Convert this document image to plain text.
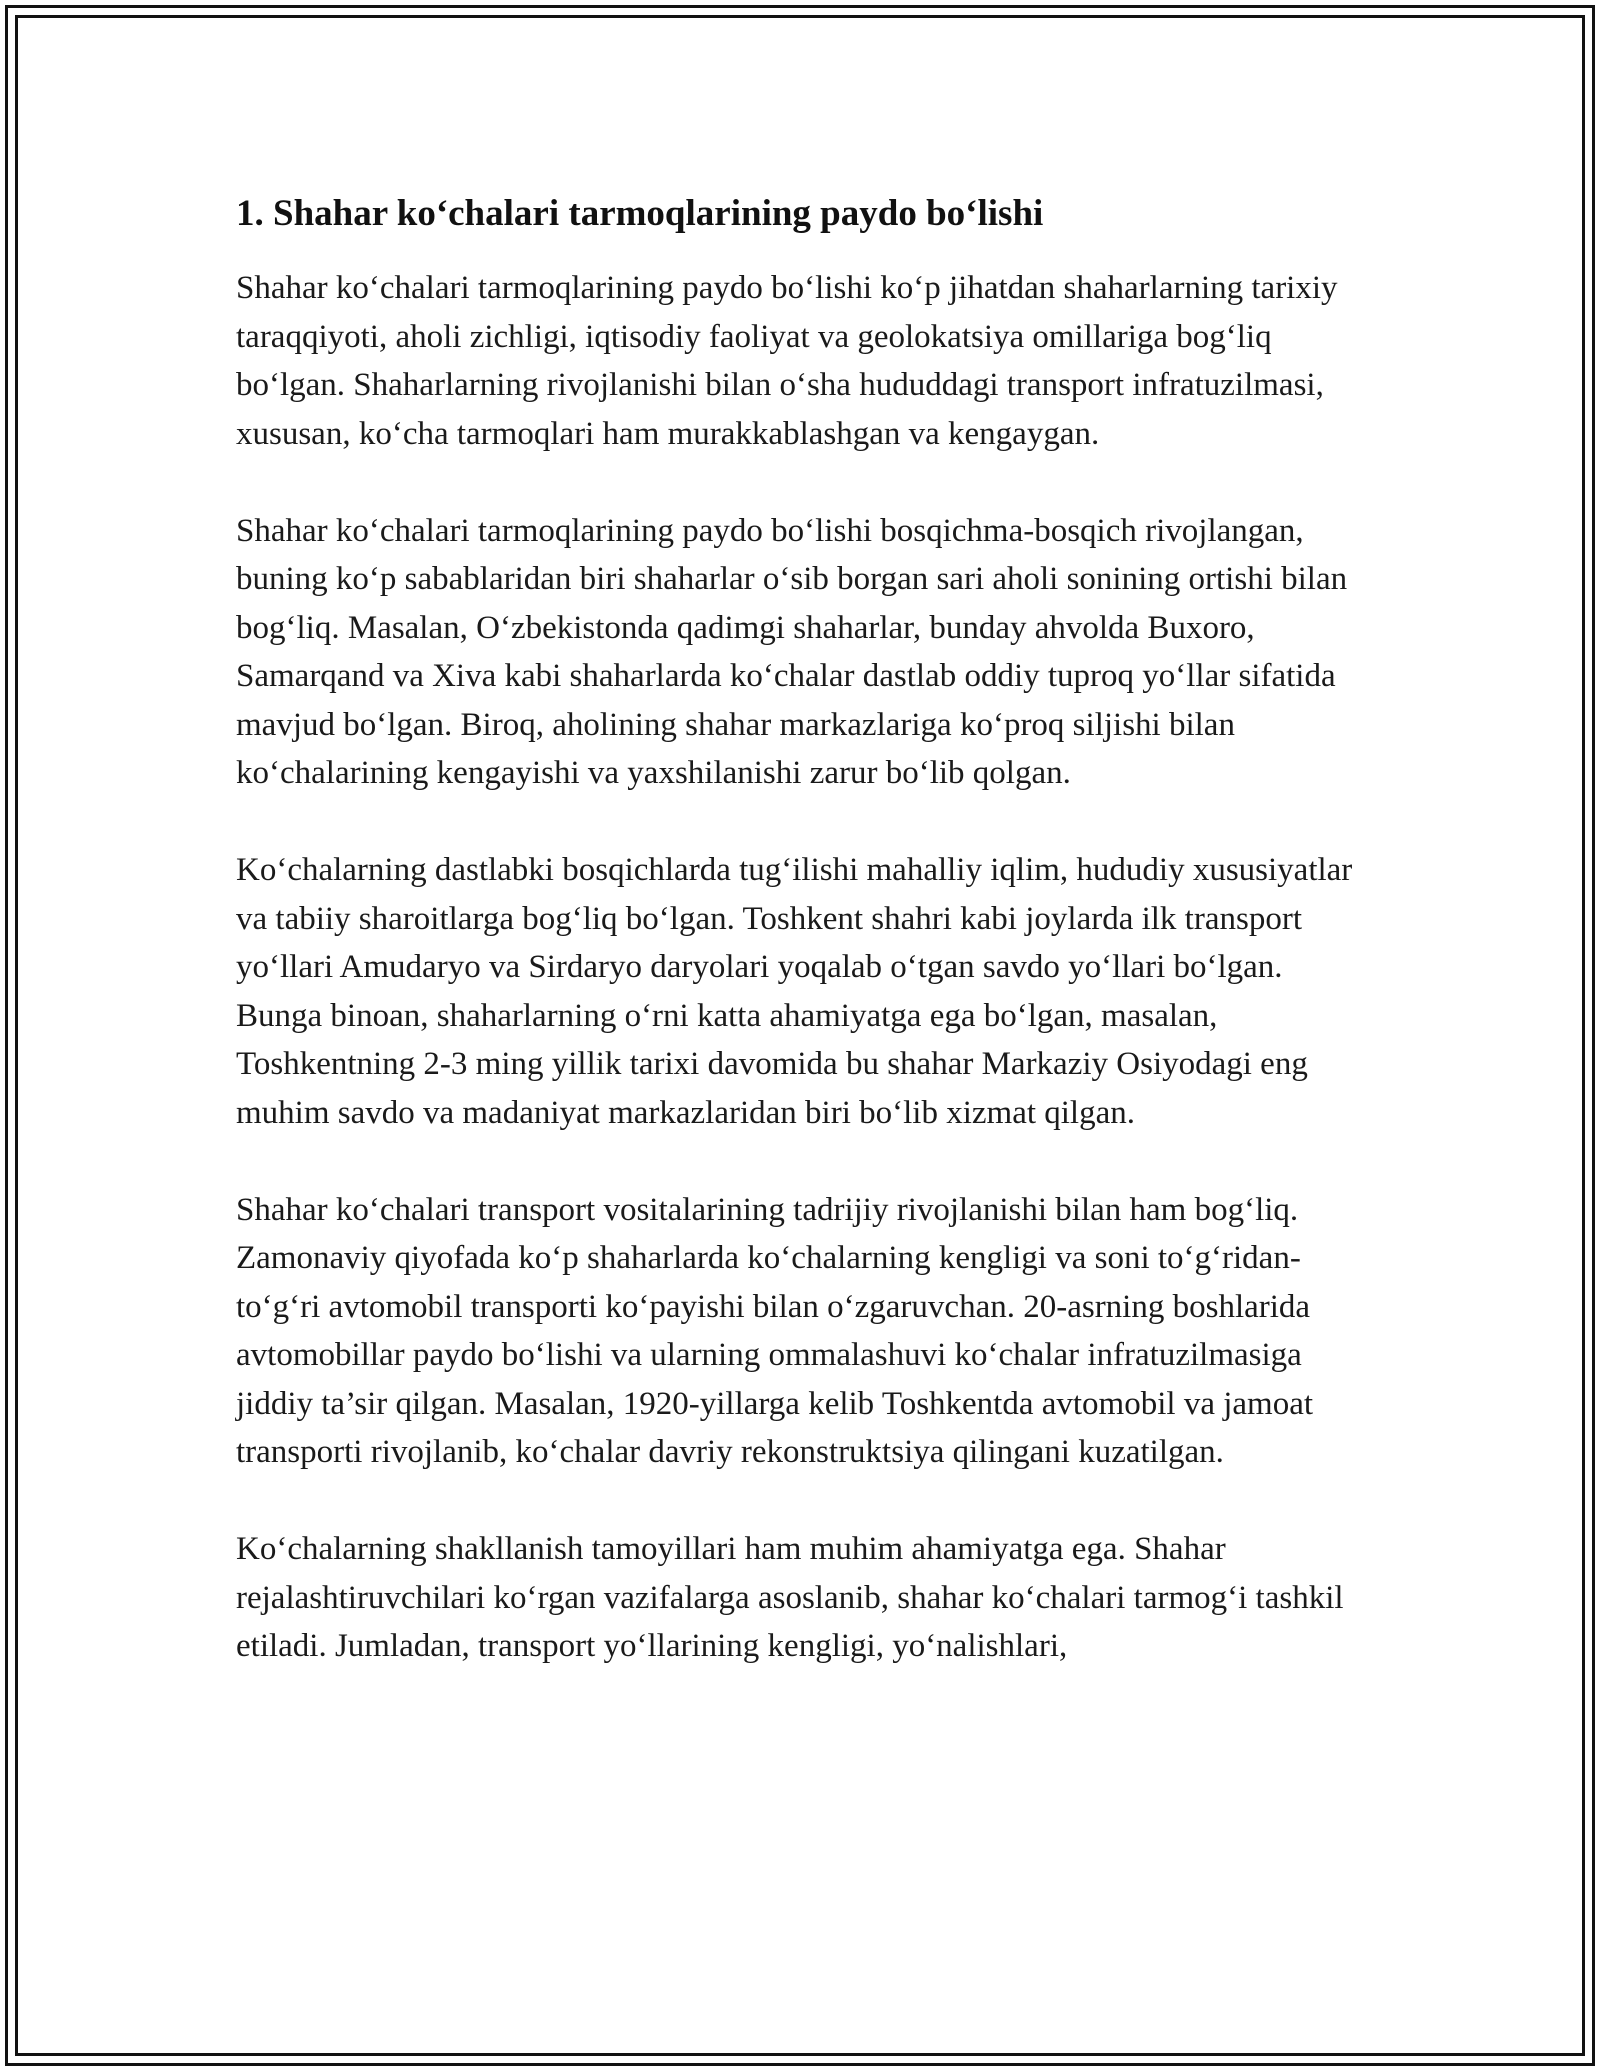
1. Shahar ko‘chalari tarmoqlarining paydo bo‘lishi

Shahar ko‘chalari tarmoqlarining paydo bo‘lishi ko‘p jihatdan shaharlarning tarixiy taraqqiyoti, aholi zichligi, iqtisodiy faoliyat va geolokatsiya omillariga bog‘liq bo‘lgan. Shaharlarning rivojlanishi bilan o‘sha hududdagi transport infratuzilmasi, xususan, ko‘cha tarmoqlari ham murakkablashgan va kengaygan.

Shahar ko‘chalari tarmoqlarining paydo bo‘lishi bosqichma-bosqich rivojlangan, buning ko‘p sabablaridan biri shaharlar o‘sib borgan sari aholi sonining ortishi bilan bog‘liq. Masalan, O‘zbekistonda qadimgi shaharlar, bunday ahvolda Buxoro, Samarqand va Xiva kabi shaharlarda ko‘chalar dastlab oddiy tuproq yo‘llar sifatida mavjud bo‘lgan. Biroq, aholining shahar markazlariga ko‘proq siljishi bilan ko‘chalarining kengayishi va yaxshilanishi zarur bo‘lib qolgan.

Ko‘chalarning dastlabki bosqichlarda tug‘ilishi mahalliy iqlim, hududiy xususiyatlar va tabiiy sharoitlarga bog‘liq bo‘lgan. Toshkent shahri kabi joylarda ilk transport yo‘llari Amudaryo va Sirdaryo daryolari yoqalab o‘tgan savdo yo‘llari bo‘lgan. Bunga binoan, shaharlarning o‘rni katta ahamiyatga ega bo‘lgan, masalan, Toshkentning 2-3 ming yillik tarixi davomida bu shahar Markaziy Osiyodagi eng muhim savdo va madaniyat markazlaridan biri bo‘lib xizmat qilgan.

Shahar ko‘chalari transport vositalarining tadrijiy rivojlanishi bilan ham bog‘liq. Zamonaviy qiyofada ko‘p shaharlarda ko‘chalarning kengligi va soni to‘g‘ridan-to‘g‘ri avtomobil transporti ko‘payishi bilan o‘zgaruvchan. 20-asrning boshlarida avtomobillar paydo bo‘lishi va ularning ommalashuvi ko‘chalar infratuzilmasiga jiddiy ta’sir qilgan. Masalan, 1920-yillarga kelib Toshkentda avtomobil va jamoat transporti rivojlanib, ko‘chalar davriy rekonstruktsiya qilingani kuzatilgan.

Ko‘chalarning shakllanish tamoyillari ham muhim ahamiyatga ega. Shahar rejalashtiruvchilari ko‘rgan vazifalarga asoslanib, shahar ko‘chalari tarmog‘i tashkil etiladi. Jumladan, transport yo‘llarining kengligi, yo‘nalishlari,
